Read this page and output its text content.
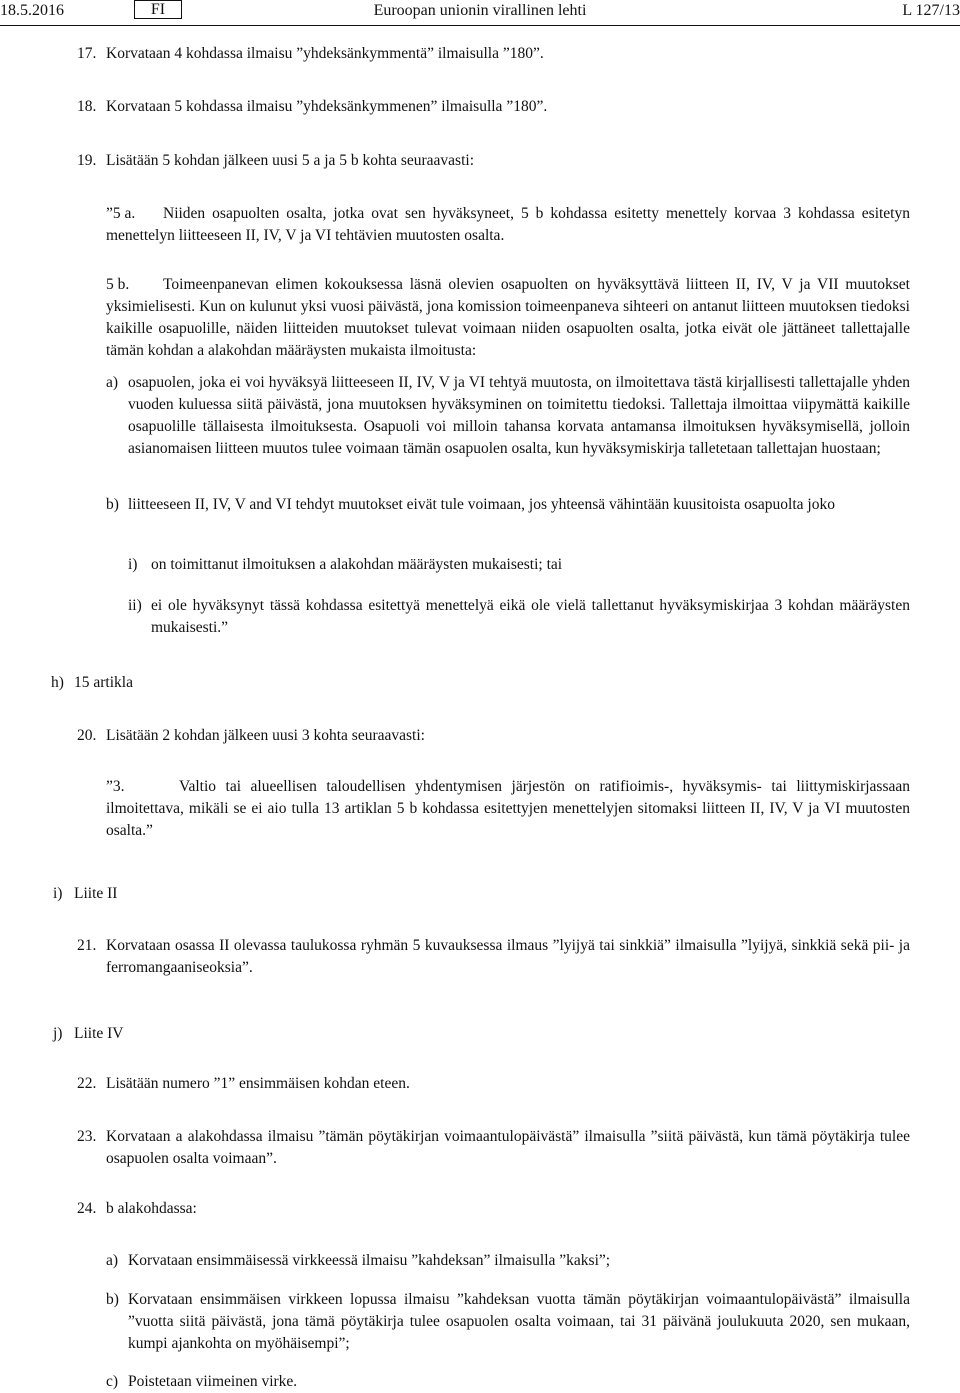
Euroopan unionin virallinen lehti
18.5.2016	FI	L 127/13
17. Korvataan 4 kohdassa ilmaisu ”yhdeksänkymmentä” ilmaisulla ”180”.
18. Korvataan 5 kohdassa ilmaisu ”yhdeksänkymmenen” ilmaisulla ”180”.
19. Lisätään 5 kohdan jälkeen uusi 5 a ja 5 b kohta seuraavasti:
”5 a.	Niiden osapuolten osalta, jotka ovat sen hyväksyneet, 5 b kohdassa esitetty menettely korvaa 3 kohdassa esitetyn menettelyn liitteeseen II, IV, V ja VI tehtävien muutosten osalta.
5 b.	Toimeenpanevan elimen kokouksessa läsnä olevien osapuolten on hyväksyttävä liitteen II, IV, V ja VII muutokset yksimielisesti. Kun on kulunut yksi vuosi päivästä, jona komission toimeenpaneva sihteeri on antanut liitteen muutoksen tiedoksi kaikille osapuolille, näiden liitteiden muutokset tulevat voimaan niiden osapuolten osalta, jotka eivät ole jättäneet tallettajalle tämän kohdan a alakohdan määräysten mukaista ilmoitusta:
a) osapuolen, joka ei voi hyväksyä liitteeseen II, IV, V ja VI tehtyä muutosta, on ilmoitettava tästä kirjallisesti tallettajalle yhden vuoden kuluessa siitä päivästä, jona muutoksen hyväksyminen on toimitettu tiedoksi. Tallettaja ilmoittaa viipymättä kaikille osapuolille tällaisesta ilmoituksesta. Osapuoli voi milloin tahansa korvata antamansa ilmoituksen hyväksymisellä, jolloin asianomaisen liitteen muutos tulee voimaan tämän osapuolen osalta, kun hyväksymiskirja talletetaan tallettajan huostaan;
b) liitteeseen II, IV, V and VI tehdyt muutokset eivät tule voimaan, jos yhteensä vähintään kuusitoista osapuolta joko
i) on toimittanut ilmoituksen a alakohdan määräysten mukaisesti; tai
ii) ei ole hyväksynyt tässä kohdassa esitettyä menettelyä eikä ole vielä tallettanut hyväksymiskirjaa 3 kohdan määräysten mukaisesti.”
h) 15 artikla
20. Lisätään 2 kohdan jälkeen uusi 3 kohta seuraavasti:
”3.	Valtio tai alueellisen taloudellisen yhdentymisen järjestön on ratifioimis-, hyväksymis- tai liittymiskirjassaan ilmoitettava, mikäli se ei aio tulla 13 artiklan 5 b kohdassa esitettyjen menettelyjen sitomaksi liitteen II, IV, V ja VI muutosten osalta.”
i) Liite II
21. Korvataan osassa II olevassa taulukossa ryhmän 5 kuvauksessa ilmaus ”lyijyä tai sinkkiä” ilmaisulla ”lyijyä, sinkkiä sekä pii- ja ferromangaaniseoksia”.
j) Liite IV
22. Lisätään numero ”1” ensimmäisen kohdan eteen.
23. Korvataan a alakohdassa ilmaisu ”tämän pöytäkirjan voimaantulopäivästä” ilmaisulla ”siitä päivästä, kun tämä pöytäkirja tulee osapuolen osalta voimaan”.
24. b alakohdassa:
a) Korvataan ensimmäisessä virkkeessä ilmaisu ”kahdeksan” ilmaisulla ”kaksi”;
b) Korvataan ensimmäisen virkkeen lopussa ilmaisu ”kahdeksan vuotta tämän pöytäkirjan voimaantulopäivästä” ilmaisulla ”vuotta siitä päivästä, jona tämä pöytäkirja tulee osapuolen osalta voimaan, tai 31 päivänä joulukuuta 2020, sen mukaan, kumpi ajankohta on myöhäisempi”;
c) Poistetaan viimeinen virke.
